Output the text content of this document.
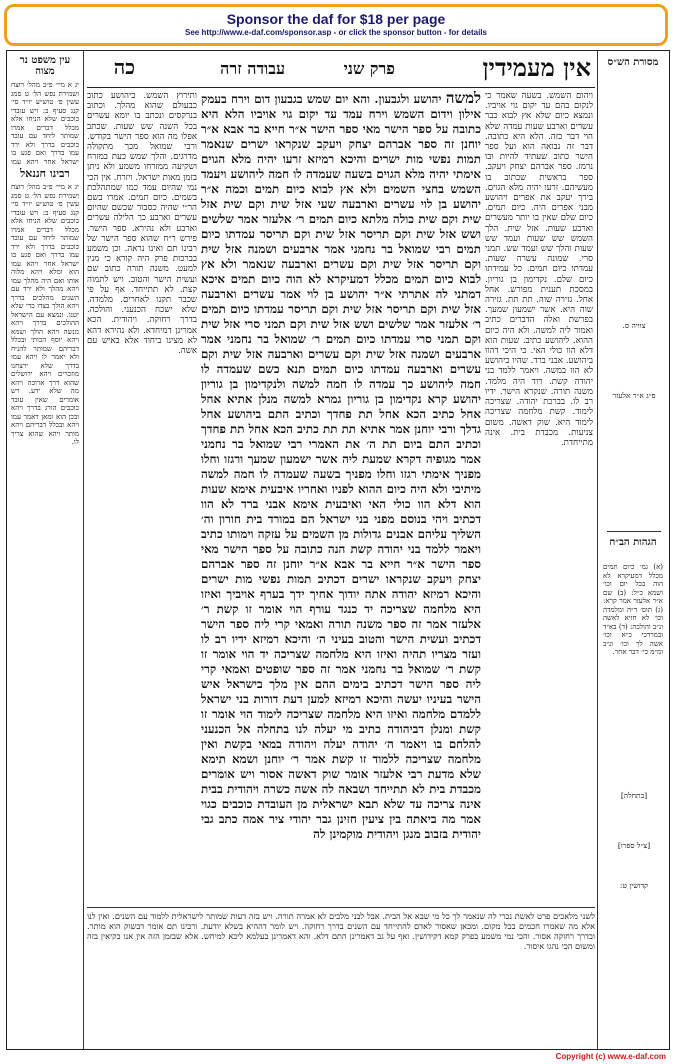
Sponsor the daf for $18 per page
See http://www.e-daf.com/sponsor.asp - or click the sponsor button - for details
אין מעמידין
פרק שני
עבודה זרה
כה
עין משפט נר מצוה
יג א מיי׳ פ״ב מהל׳ רוצח ושמירת נפש הל׳ ט סמג עשין פ׳ טוש״ע יו״ד סי׳ קנג סעיף ב: ויש עובדי כוכבים שלא הניחו אלא מכלל דברים אמרו שמותר ליחד עם עובד כוכבים בדרך ולא ירד עמו בדרך ואם פגע בו ישראל אחר ויהא עמו
רבינו חננאל
יג א מיי׳ פ״ב מהל׳ רוצח ושמירת נפש הל׳ ט סמג עשין פ׳ טוש״ע יו״ד סי׳ קנג סעיף ב: ויש עובדי כוכבים שלא הניחו אלא מכלל דברים אמרו שמותר ליחד עם עובד כוכבים בדרך ולא ירד עמו בדרך ואם פגע בו ישראל אחר ויהא עמו הוא ומלא ויהא מלוה אותו ואם היה מהלך עמו ויהא מהלך ולא ירד עם השנים מהלכים בדרך ויהא הולך בצדו כדי שלא יטנו. ונמצא עם הישראל ההולכים בדרך ויהא מנשה ויהא הולך ושמא ויהא יוסף הכותי ובכלל דבריהם שמותר להניח ולא יאמר לו ויהא עמו בדרך שלא ירצחנו מוזכרים ויהא ירושלים שהוא דרך ארוכה ויהא מה שלא ידע. ויש אומרים שאין עובד כוכבים הורג בדרך ויהא ובכן הוא ומאן דאמר עמו ויהא ובכלל דבריהם ויהא מותר ויהא שהוא צריך לו.
מסורת הש״ס
צוויה ס.
פ״ג א״ר אלעזר
הגהות הב״ח
(א) גמ׳ כיום תמים מכלל דמעיקרא לא הוה בכל יום וכו׳ ושמא כ״ל: (ב) שם א״ר אלעזר אמר קרא: (ג) תוס׳ ד״ה ומלמדה וכו׳ לא חזיא לאשה ונ״ב והולכה: (ד) בא״ד ובמרדכי כ״א וכו׳ אשה לך וכו׳ ונ״ב ומ״מ כי׳ דבר אחר.
[בתחלה]
[צ״ל ספרו]
קדושין ט:
ויהום השמש. בשעה שאמר כי לנקום בהם עד יקום גוי אויביו. ונמצא כיום שלא אץ לבוא כבר עשרים וארבע שעות עמדה שלא הוי דבר כזה. הלא היא כתובה. דבר זה נבואה הוא ועל ספר הישר כתוב שעתיד להיות ובו נרמז. ספר אברהם יצחק ויעקב. ספר בראשית שכתוב בו מעשיהם. זרעו יהיה מלא הגוים. בירך יעקב את אפרים ויהושע מבני אפרים היה. כיום תמים. כיום שלם שאין בו יותר מעשרים וארבע שעות. אזל שית. הלך השמש שש שעות ועמד שש שעות והלך שש ועמד שש. תמני סרי. שמונה עשרה שעות. עמדתו כיום תמים. כל עמידתו כיום שלם. נקדימון בן גוריון. במסכת תענית מפורש. אחל אחל. גזירה שוה. תת תת. גזירה שוה היא. אשר ישמעון שמעך. בפרשת ואלה הדברים כתיב ואמור ליה למשה. ולא היה כיום ההוא. ליהושע כתיב. שעות הוא דלא הוו כולי האי. כי היכי דהוו ביהושע. אבני ברד. שהיו ביהושע לא הוו במשה. ויאמר ללמד בני יהודה קשת. דוד היה מלמד. משנה תורה. שנקרא הישר. ידיו רב לו. בברכת יהודה. שצריכה לימוד. קשת מלחמה שצריכה לימוד היא. שוק דאשה. משום צניעות. מכבדת בית. אינה מתייחדת.
ותירוץ השמש. ביהושע כתוב כבעולם שהוא מהלך. וכתוב בנרקסים ונכתב בו יומא עשרים בכל השנה שש שעות. שכתב אפלו מה הוא ספר הישר בקודש. ורבי שמואל מכך מתקולה מדרגים. והלך שמש כעת במזרח ושקיעה ממזרחו משמע ולא ניתן בזמן מאות ישראל. ויזרח. אין הכי נמי שהיום עמד כמו שמתהלכת בשמים. כיום תמים. אמרו בשם הר״י שהיה כסבור שכשם שהיום עשרים וארבע כך הלילה עשרים וארבע ולא נהירא. ספר הישר. פירש ר״ח שהוא ספר הישר של רבינו תם ואינו נראה. וכן משמע בברכות פרק היה קורא כי מנין למעט. משנה תורה כתוב שם ועשית הישר והטוב. ויש לתמוה קצת. לא תתייחד. אף על פי שכבר תקנו לאחרים. מלמדה. שלא ישכח הכנעני. והולכה. בדרך רחוקה. ויהודית. הכא אמרינן דמיחדא. ולא נהירא דהא לא מצינו ביחוד אלא באיש עם אשה.
למשה יהושע ולגבעון. והא יום שמש בגבעון דום וירח בעמק אילון וידום השמש וירח עמד עד יקום גוי אויביו הלא היא כתובה על ספר הישר מאי ספר הישר א״ר חייא בר אבא א״ר יוחנן זה ספר אברהם יצחק ויעקב שנקראו ישרים שנאמר תמות נפשי מות ישרים והיכא רמיזא זרעו יהיה מלא הגוים אימתי יהיה מלא הגוים בשעה שעמדה לו חמה ליהושע ויעמד השמש בחצי השמים ולא אץ לבוא כיום תמים וכמה א״ר יהושע בן לוי עשרים וארבעה שעי אזל שית וקם שית אזל שית וקם שית כולה מלתא כיום תמים ר׳ אלעזר אמר שלשים ושש אזל שית וקם תריסר אזל שית וקם תריסר עמדתו כיום תמים רבי שמואל בר נחמני אמר ארבעים ושמנה אזל שית וקם תריסר אזל שית וקם עשרים וארבעה שנאמר ולא אץ לבוא כיום תמים מכלל דמעיקרא לא הוה כיום תמים איכא דמתני לה אתרתי א״ר יהושע בן לוי אמר עשרים וארבעה אזל שית וקם תריסר אזל שית וקם תריסר עמדתו כיום תמים ר׳ אלעזר אמר שלשים ושש אזל שית וקם תמני סרי אזל שית וקם תמני סרי עמדתו כיום תמים ר׳ שמואל בר נחמני אמר ארבעים ושמנה אזל שית וקם עשרים וארבעה אזל שית וקם עשרים וארבעה עמדתו כיום תמים תנא כשם שעמדה לו חמה ליהושע כך עמדה לו חמה למשה ולנקדימון בן גוריון יהושע קרא נקדימון בן גוריון גמרא למשה מנלן אתיא אחל אחל כתיב הכא אחל תת פחדך וכתיב התם ביהושע אחל גדלך ורבי יוחנן אמר אתיא תת תת כתיב הכא אחל תת פחדך וכתיב התם ביום תת ה׳ את האמרי רבי שמואל בר נחמני אמר מגופיה דקרא שמעת ליה אשר ישמעון שמעך ורגזו וחלו מפניך אימתי רגזו וחלו מפניך בשעה שעמדה לו חמה למשה מיתיבי ולא היה כיום ההוא לפניו ואחריו איבעית אימא שעות הוא דלא הוו כולי האי ואיבעית אימא אבני ברד לא הוו דכתיב ויהי בנוסם מפני בני ישראל הם במורד בית חורון וה׳ השליך עליהם אבנים גדולות מן השמים על עזקה וימותו כתיב ויאמר ללמד בני יהודה קשת הנה כתובה על ספר הישר מאי ספר הישר א״ר חייא בר אבא א״ר יוחנן זה ספר אברהם יצחק ויעקב שנקראו ישרים דכתיב תמות נפשי מות ישרים והיכא רמיזא יהודה אתה יודוך אחיך ידך בערף אויביך ואיזו היא מלחמה שצריכה יד כנגד עורף הוי אומר זו קשת ר׳ אלעזר אמר זה ספר משנה תורה ואמאי קרי ליה ספר הישר דכתיב ועשית הישר והטוב בעיני ה׳ והיכא רמיזא ידיו רב לו ועזר מצריו תהיה ואיזו היא מלחמה שצריכה יד הוי אומר זו קשת ר׳ שמואל בר נחמני אמר זה ספר שופטים ואמאי קרי ליה ספר הישר דכתיב בימים ההם אין מלך בישראל איש הישר בעיניו יעשה והיכא רמיזא למען דעת דורות בני ישראל ללמדם מלחמה ואיזו היא מלחמה שצריכה לימוד הוי אומר זו קשת ומנלן דביהודה כתיב מי יעלה לנו בתחלה אל הכנעני להלחם בו ויאמר ה׳ יהודה יעלה ויהודה במאי בקשת ואין מלחמה שצריכה ללמוד זו קשת אמר ר׳ יוחנן ושמא תימא שלא מדעת רבי אלעזר אומר שוק דאשה אסור ויש אומרים מכבדת בית לא תתייחד ושבאה לה אשה כשרה ויהודית בבית אינה צריכה עד שלא תבא ישראלית מן העובדת כוכבים כגוי אמר מה ביאתה בין ציעין חזינן גבר יהודי ציר אמה כתב גבי יהודית בזבוב מנגן ויהודית מוקמינן לה
לשני מלאכים פרט לאשת נכרי לה שנאמר לך כל מי שבא אל הבית. אבל לבני מלכים לא אמרה תורה. ויש בזה דעות שמותר לישראלית ללמוד עם השנים. ואין לנו אלא מה שאמרו חכמים בכל מקום. ומכאן שאסור לאדם להתייחד עם השנים בדרך רחוקה. ויש לומר דההיא בשלא יודעת. ורבינו תם אומר דבשוק הוא מותר. ובדרך רחוקה אסור. והכי נמי משמע בפרק קמא דקידושין. ואף על גב דאמרינן התם דלא. והא דאמרינן בעלמא ליכא למיחש. אלא שבזמן הזה אין אנו בקיאין בזה ומשום הכי נהגו איסור.
Copyright (c) www.e-daf.com
